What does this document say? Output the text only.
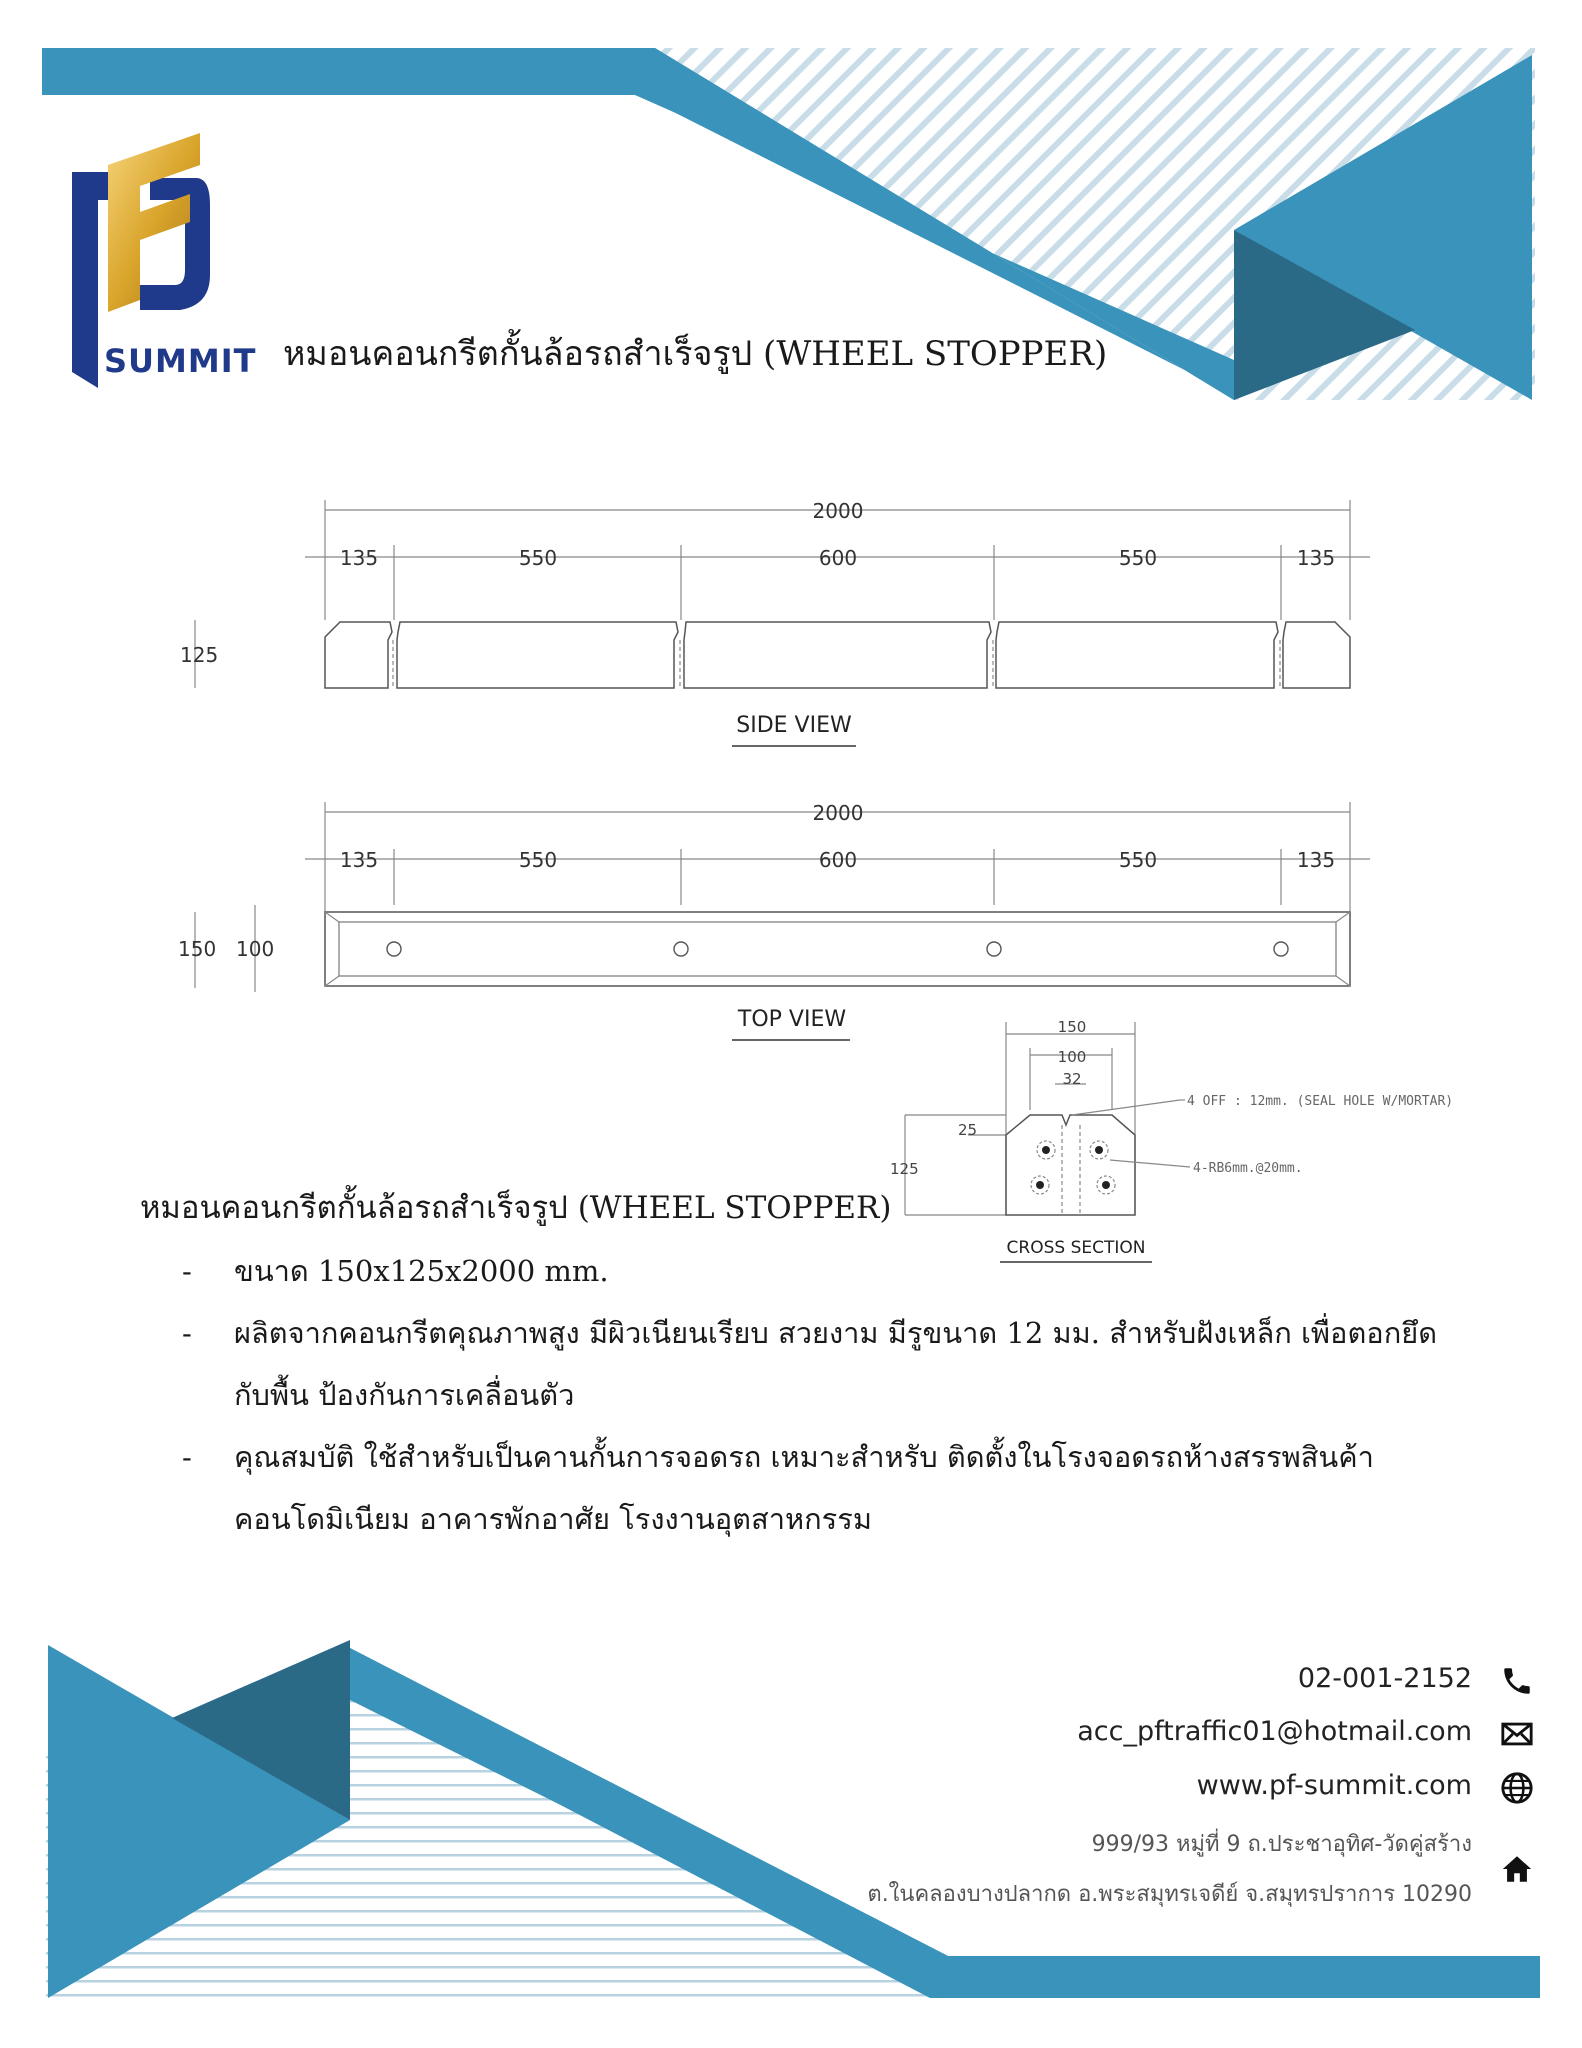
SUMMIT หมอนคอนกรีตกั้นล้อรถสำเร็จรูป (WHEEL STOPPER)
2000
135	550	600	550	135
125
SIDE VIEW
2000
135	550	600	550	135
150 100
TOP VIEW	150
100
32
25
125
4 OFF : 12mm. (SEAL HOLE W/MORTAR)
4-RB6mm.@20mm.
CROSS SECTION
หมอนคอนกรีตกั้นล้อรถสำเร็จรูป (WHEEL STOPPER)
- ขนาด 150x125x2000 mm.
- ผลิตจากคอนกรีตคุณภาพสูง มีผิวเนียนเรียบ สวยงาม มีรูขนาด 12 มม. สำหรับฝังเหล็ก เพื่อตอกยึด
กับพื้น ป้องกันการเคลื่อนตัว
- คุณสมบัติ ใช้สำหรับเป็นคานกั้นการจอดรถ เหมาะสำหรับ ติดตั้งในโรงจอดรถห้างสรรพสินค้า
คอนโดมิเนียม อาคารพักอาศัย โรงงานอุตสาหกรรม
02-001-2152
acc_pftraffic01@hotmail.com
www.pf-summit.com
999/93 หมู่ที่ 9 ถ.ประชาอุทิศ-วัดคู่สร้าง
ต.ในคลองบางปลากด อ.พระสมุทรเจดีย์ จ.สมุทรปราการ 10290
